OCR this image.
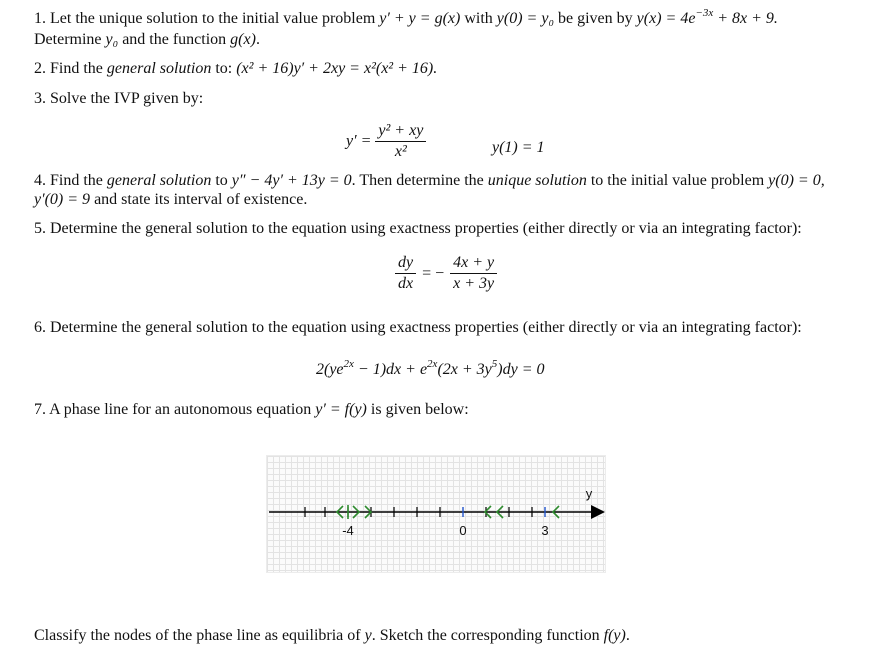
1. Let the unique solution to the initial value problem y′ + y = g(x) with y(0) = y₀ be given by $y(x) = 4e^{-3x} + 8x + 9$.
Determine y₀ and the function g(x).
2. Find the general solution to: (x² + 16)y′ + 2xy = x²(x² + 16).
3. Solve the IVP given by:
$y' = \frac{\text{y² + xy}}{\text{x²}}$	y(1) = 1
4. Find the general solution to y″ − 4y′ + 13y = 0. Then determine the unique solution to the initial value problem y(0) = 0,
y′(0) = 9 and state its interval of existence.
5. Determine the general solution to the equation using exactness properties (either directly or via an integrating factor):
$\frac{dy}{dx}$ = − $\frac{4x + y}{x + 3y}$
6. Determine the general solution to the equation using exactness properties (either directly or via an integrating factor):
$2(ye^{2x} - 1)dx + e^{2x}(2x + 3y^5)dy = 0$
7. A phase line for an autonomous equation y′ = f(y) is given below:
-4	0	3
y
Classify the nodes of the phase line as equilibria of y. Sketch the corresponding function f(y).
